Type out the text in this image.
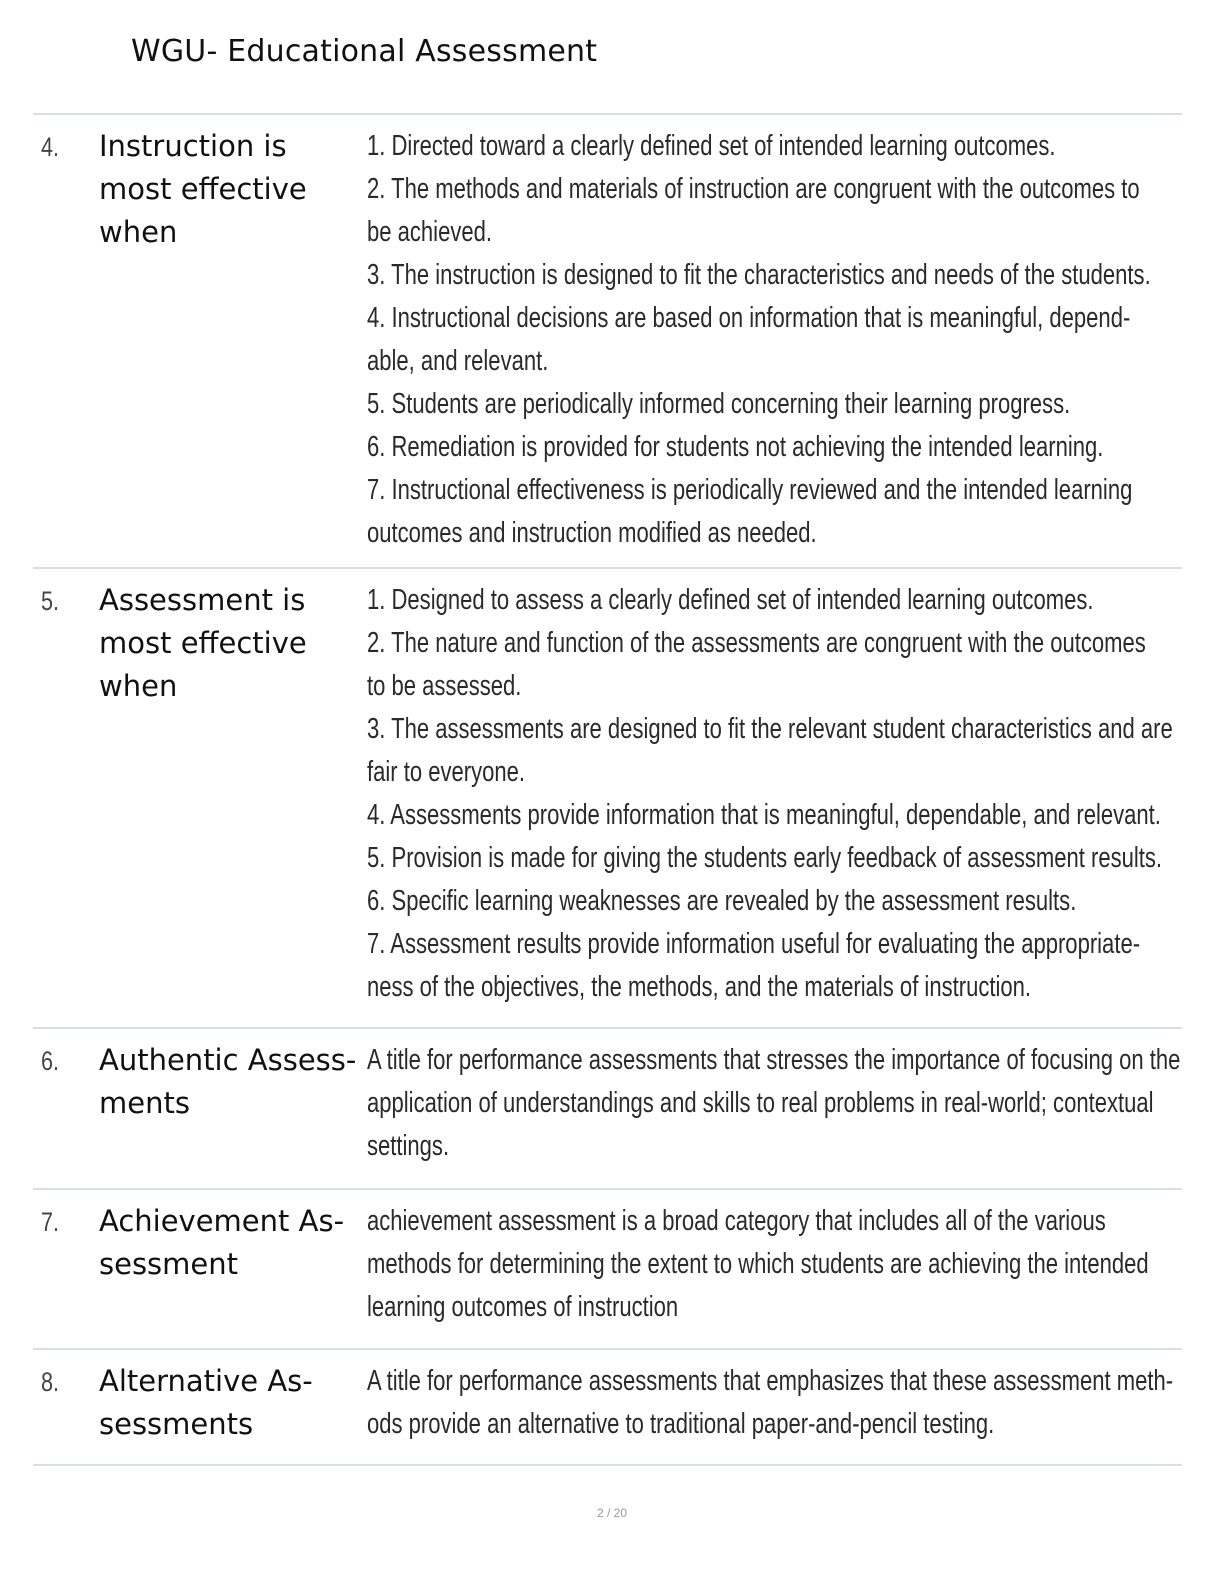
WGU- Educational Assessment
4. Instruction is
most effective
when
1. Directed toward a clearly defined set of intended learning outcomes.
2. The methods and materials of instruction are congruent with the outcomes to
be achieved.
3. The instruction is designed to fit the characteristics and needs of the students.
4. Instructional decisions are based on information that is meaningful, depend-
able, and relevant.
5. Students are periodically informed concerning their learning progress.
6. Remediation is provided for students not achieving the intended learning.
7. Instructional effectiveness is periodically reviewed and the intended learning
outcomes and instruction modified as needed.
5. Assessment is
most effective
when
1. Designed to assess a clearly defined set of intended learning outcomes.
2. The nature and function of the assessments are congruent with the outcomes
to be assessed.
3. The assessments are designed to fit the relevant student characteristics and are
fair to everyone.
4. Assessments provide information that is meaningful, dependable, and relevant.
5. Provision is made for giving the students early feedback of assessment results.
6. Specific learning weaknesses are revealed by the assessment results.
7. Assessment results provide information useful for evaluating the appropriate-
ness of the objectives, the methods, and the materials of instruction.
6. Authentic Assess-
ments
A title for performance assessments that stresses the importance of focusing on the
application of understandings and skills to real problems in real-world; contextual
settings.
7. Achievement As-
sessment
achievement assessment is a broad category that includes all of the various
methods for determining the extent to which students are achieving the intended
learning outcomes of instruction
8. Alternative As-
sessments
A title for performance assessments that emphasizes that these assessment meth-
ods provide an alternative to traditional paper-and-pencil testing.
2 / 20
